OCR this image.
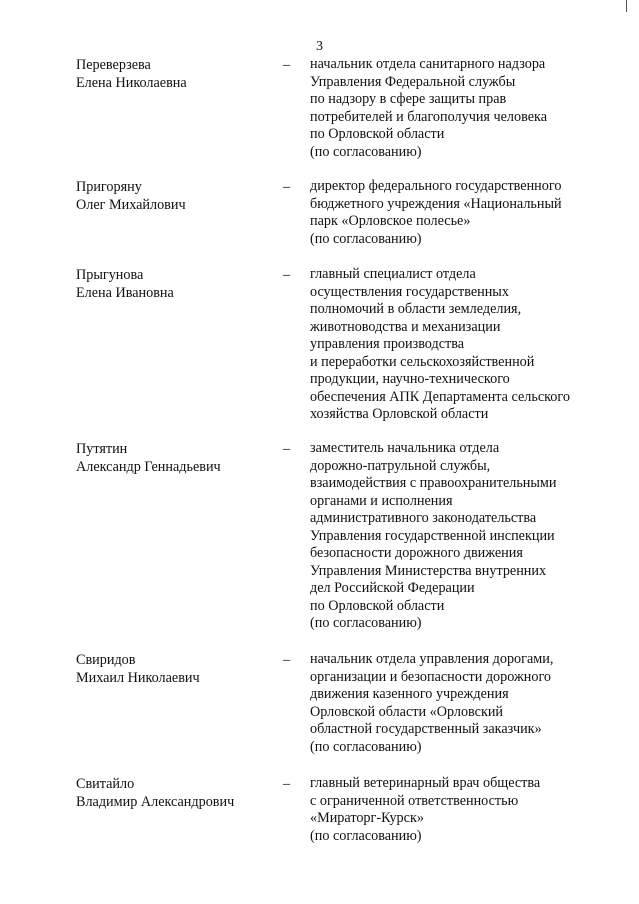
3
Переверзева
Елена Николаевна
– начальник отдела санитарного надзора
Управления Федеральной службы
по надзору в сфере защиты прав
потребителей и благополучия человека
по Орловской области
(по согласованию)
Пригоряну
Олег Михайлович
– директор федерального государственного
бюджетного учреждения «Национальный
парк «Орловское полесье»
(по согласованию)
Прыгунова
Елена Ивановна
– главный специалист отдела
осуществления государственных
полномочий в области земледелия,
животноводства и механизации
управления производства
и переработки сельскохозяйственной
продукции, научно-технического
обеспечения АПК Департамента сельского
хозяйства Орловской области
Путятин
Александр Геннадьевич
– заместитель начальника отдела
дорожно-патрульной службы,
взаимодействия с правоохранительными
органами и исполнения
административного законодательства
Управления государственной инспекции
безопасности дорожного движения
Управления Министерства внутренних
дел Российской Федерации
по Орловской области
(по согласованию)
Свиридов
Михаил Николаевич
– начальник отдела управления дорогами,
организации и безопасности дорожного
движения казенного учреждения
Орловской области «Орловский
областной государственный заказчик»
(по согласованию)
Свитайло
Владимир Александрович
– главный ветеринарный врач общества
с ограниченной ответственностью
«Мираторг-Курск»
(по согласованию)
